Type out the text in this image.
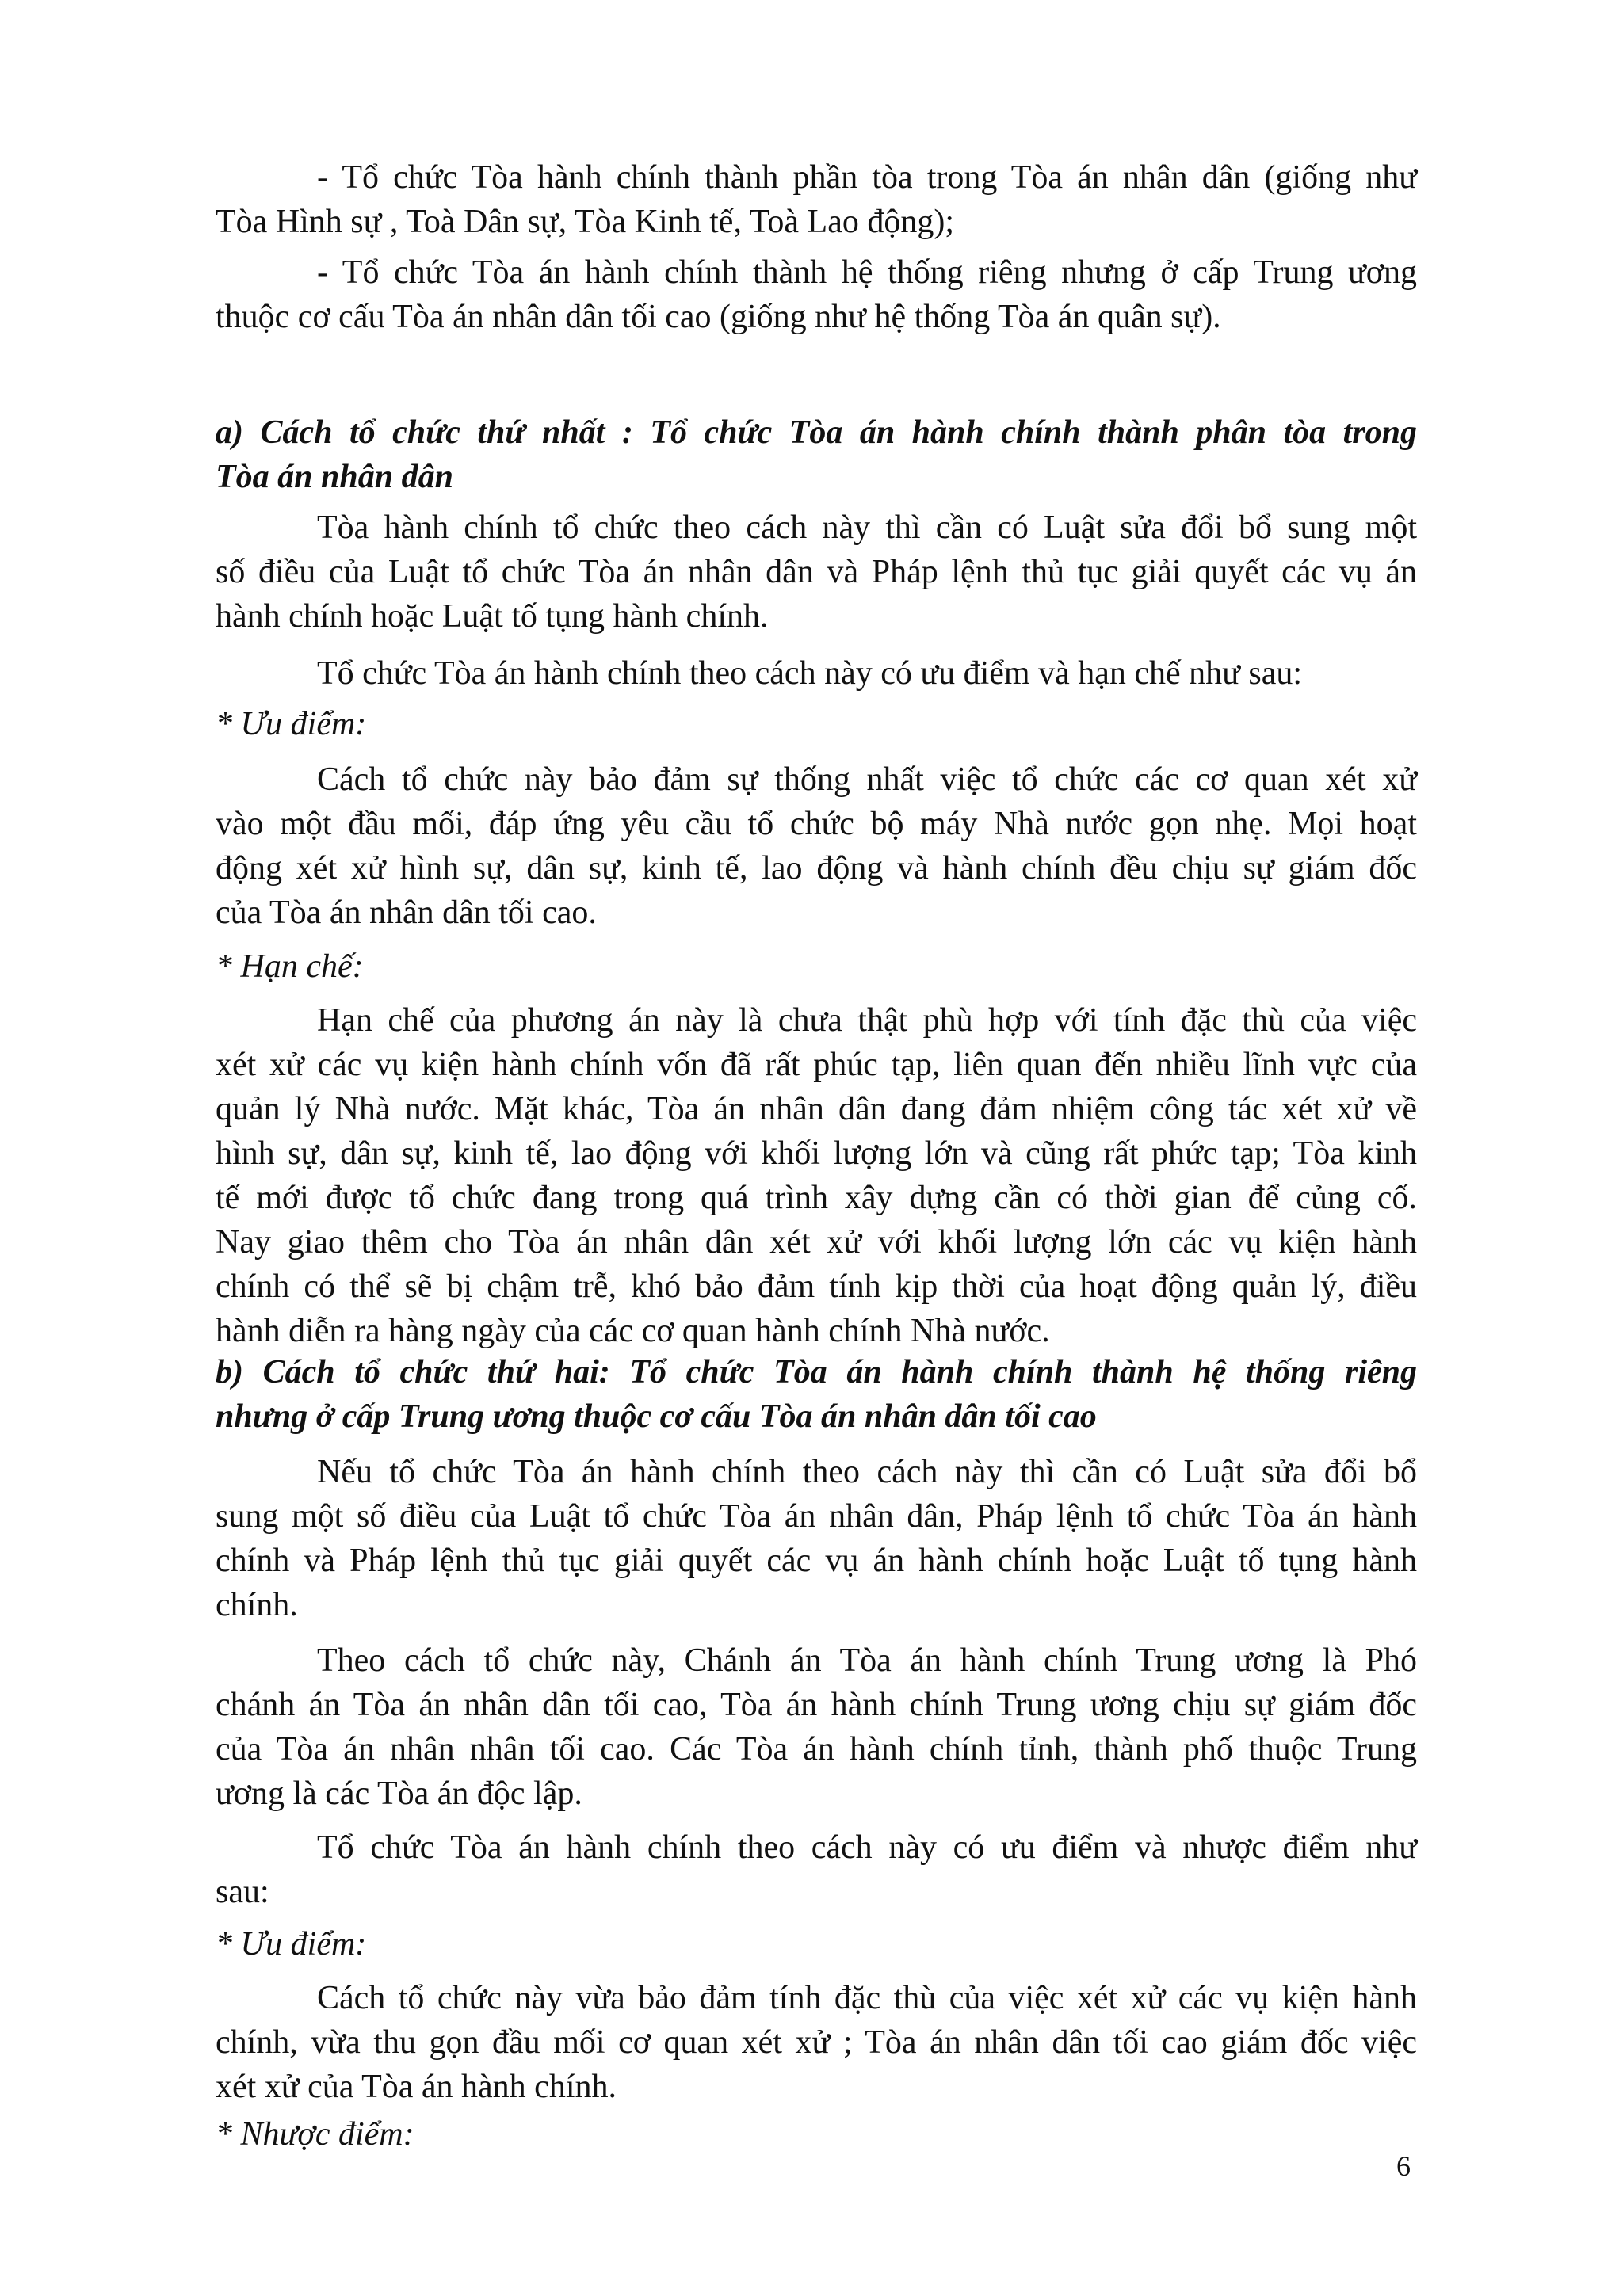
- Tổ chức Tòa hành chính thành phần tòa trong Tòa án nhân dân (giống như
Tòa Hình sự , Toà Dân sự, Tòa Kinh tế, Toà Lao động);
- Tổ chức Tòa án hành chính thành hệ thống riêng nhưng ở cấp Trung ương
thuộc cơ cấu Tòa án nhân dân tối cao (giống như hệ thống Tòa án quân sự).
a) Cách tổ chức thứ nhất : Tổ chức Tòa án hành chính thành phân tòa trong
Tòa án nhân dân
Tòa hành chính tổ chức theo cách này thì cần có Luật sửa đổi bổ sung một
số điều của Luật tổ chức Tòa án nhân dân và Pháp lệnh thủ tục giải quyết các vụ án
hành chính hoặc Luật tố tụng hành chính.
Tổ chức Tòa án hành chính theo cách này có ưu điểm và hạn chế như sau:
* Ưu điểm:
Cách tổ chức này bảo đảm sự thống nhất việc tổ chức các cơ quan xét xử
vào một đầu mối, đáp ứng yêu cầu tổ chức bộ máy Nhà nước gọn nhẹ. Mọi hoạt
động xét xử hình sự, dân sự, kinh tế, lao động và hành chính đều chịu sự giám đốc
của Tòa án nhân dân tối cao.
* Hạn chế:
Hạn chế của phương án này là chưa thật phù hợp với tính đặc thù của việc
xét xử các vụ kiện hành chính vốn đã rất phúc tạp, liên quan đến nhiều lĩnh vực của
quản lý Nhà nước. Mặt khác, Tòa án nhân dân đang đảm nhiệm công tác xét xử về
hình sự, dân sự, kinh tế, lao động với khối lượng lớn và cũng rất phức tạp; Tòa kinh
tế mới được tổ chức đang trong quá trình xây dựng cần có thời gian để củng cố.
Nay giao thêm cho Tòa án nhân dân xét xử với khối lượng lớn các vụ kiện hành
chính có thể sẽ bị chậm trễ, khó bảo đảm tính kịp thời của hoạt động quản lý, điều
hành diễn ra hàng ngày của các cơ quan hành chính Nhà nước.
b) Cách tổ chức thứ hai: Tổ chức Tòa án hành chính thành hệ thống riêng
nhưng ở cấp Trung ương thuộc cơ cấu Tòa án nhân dân tối cao
Nếu tổ chức Tòa án hành chính theo cách này thì cần có Luật sửa đổi bổ
sung một số điều của Luật tổ chức Tòa án nhân dân, Pháp lệnh tổ chức Tòa án hành
chính và Pháp lệnh thủ tục giải quyết các vụ án hành chính hoặc Luật tố tụng hành
chính.
Theo cách tổ chức này, Chánh án Tòa án hành chính Trung ương là Phó
chánh án Tòa án nhân dân tối cao, Tòa án hành chính Trung ương chịu sự giám đốc
của Tòa án nhân nhân tối cao. Các Tòa án hành chính tỉnh, thành phố thuộc Trung
ương là các Tòa án độc lập.
Tổ chức Tòa án hành chính theo cách này có ưu điểm và nhược điểm như
sau:
* Ưu điểm:
Cách tổ chức này vừa bảo đảm tính đặc thù của việc xét xử các vụ kiện hành
chính, vừa thu gọn đầu mối cơ quan xét xử ; Tòa án nhân dân tối cao giám đốc việc
xét xử của Tòa án hành chính.
* Nhược điểm:
6
